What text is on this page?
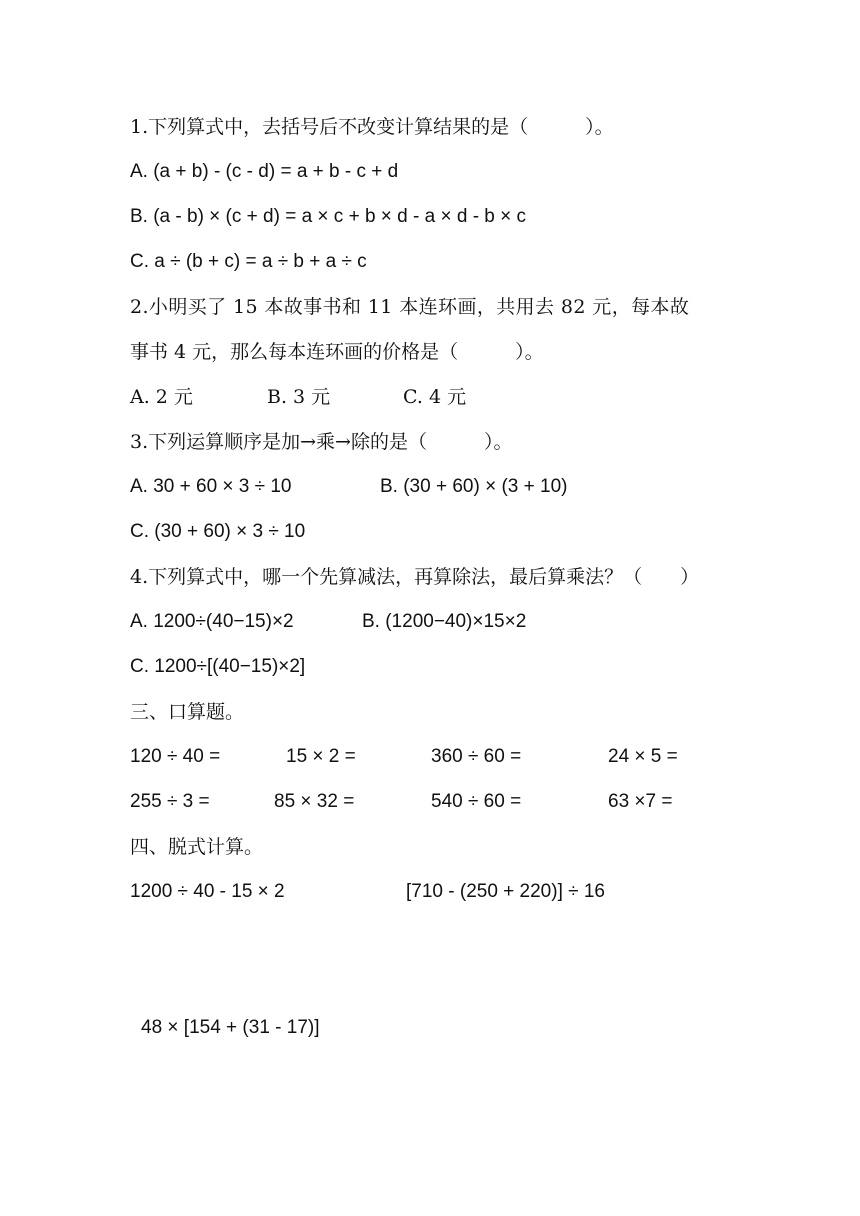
1.下列算式中，去括号后不改变计算结果的是（　　　）。
A. (a + b) - (c - d) = a + b - c + d
B. (a - b) × (c + d) = a × c + b × d - a × d - b × c
C. a ÷ (b + c) = a ÷ b + a ÷ c
2.小明买了 15 本故事书和 11 本连环画，共用去 82 元，每本故
事书 4 元，那么每本连环画的价格是（　　　）。
A. 2 元	B. 3 元	C. 4 元
3.下列运算顺序是加→乘→除的是（　　　）。
A. 30 + 60 × 3 ÷ 10	B. (30 + 60) × (3 + 10)
C. (30 + 60) × 3 ÷ 10
4.下列算式中，哪一个先算减法，再算除法，最后算乘法？（　　）
A. 1200÷(40−15)×2	B. (1200−40)×15×2
C. 1200÷[(40−15)×2]
三、口算题。
120 ÷ 40 =	15 × 2 =	360 ÷ 60 =	24 × 5 =
255 ÷ 3 =	85 × 32 =	540 ÷ 60 =	63 ×7 =
四、脱式计算。
1200 ÷ 40 - 15 × 2	[710 - (250 + 220)] ÷ 16
48 × [154 + (31 - 17)]
